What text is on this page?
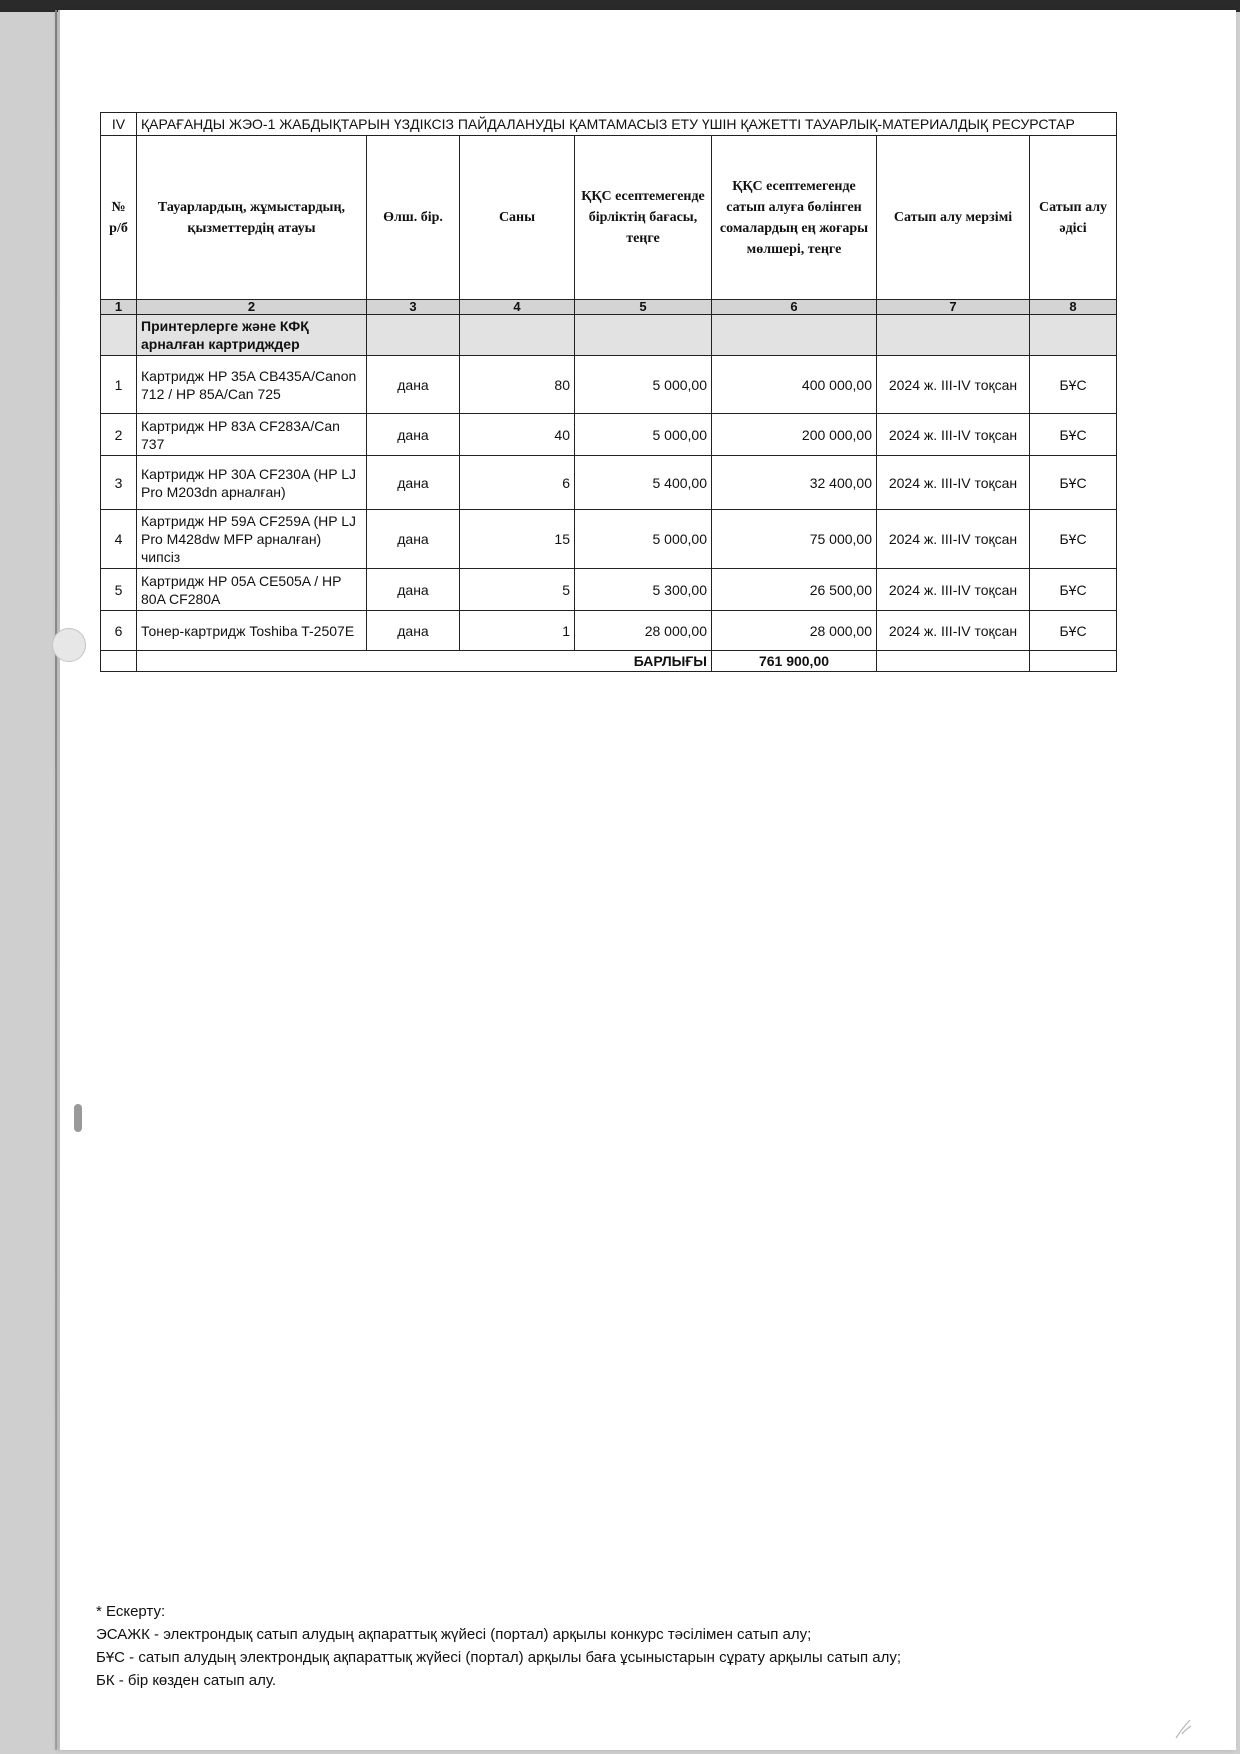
IV	ҚАРАҒАНДЫ ЖЭО-1 ЖАБДЫҚТАРЫН ҮЗДІКСІЗ ПАЙДАЛАНУДЫ ҚАМТАМАСЫЗ ЕТУ ҮШІН ҚАЖЕТТІ ТАУАРЛЫҚ-МАТЕРИАЛДЫҚ РЕСУРСТАР						
№ р/б	Тауарлардың, жұмыстардың, қызметтердің атауы	Өлш. бір.	Саны	ҚҚС есептемегенде бірліктің бағасы, теңге	ҚҚС есептемегенде сатып алуға бөлінген сомалардың ең жоғары мөлшері, теңге	Сатып алу мерзімі	Сатып алу әдісі
1	2	3	4	5	6	7	8
	Принтерлерге және КФҚ арналған картридждер						
1	Картридж HP 35A CB435A/Canon 712 / HP 85A/Can 725	дана	80	5 000,00	400 000,00	2024 ж. III-IV тоқсан	БҰС
2	Картридж HP 83A CF283A/Can 737	дана	40	5 000,00	200 000,00	2024 ж. III-IV тоқсан	БҰС
3	Картридж HP 30A CF230A (HP LJ Pro M203dn арналған)	дана	6	5 400,00	32 400,00	2024 ж. III-IV тоқсан	БҰС
4	Картридж HP 59A CF259A (HP LJ Pro M428dw MFP арналған) чипсіз	дана	15	5 000,00	75 000,00	2024 ж. III-IV тоқсан	БҰС
5	Картридж HP 05A CE505A / HP 80A CF280A	дана	5	5 300,00	26 500,00	2024 ж. III-IV тоқсан	БҰС
6	Тонер-картридж Toshiba T-2507E	дана	1	28 000,00	28 000,00	2024 ж. III-IV тоқсан	БҰС
	БАРЛЫҒЫ				761 900,00		
* Ескерту:
ЭСАЖК - электрондық сатып алудың ақпараттық жүйесі (портал) арқылы конкурс тәсілімен сатып алу;
БҰС - сатып алудың электрондық ақпараттық жүйесі (портал) арқылы баға ұсыныстарын сұрату арқылы сатып алу;
БК - бір көзден сатып алу.
